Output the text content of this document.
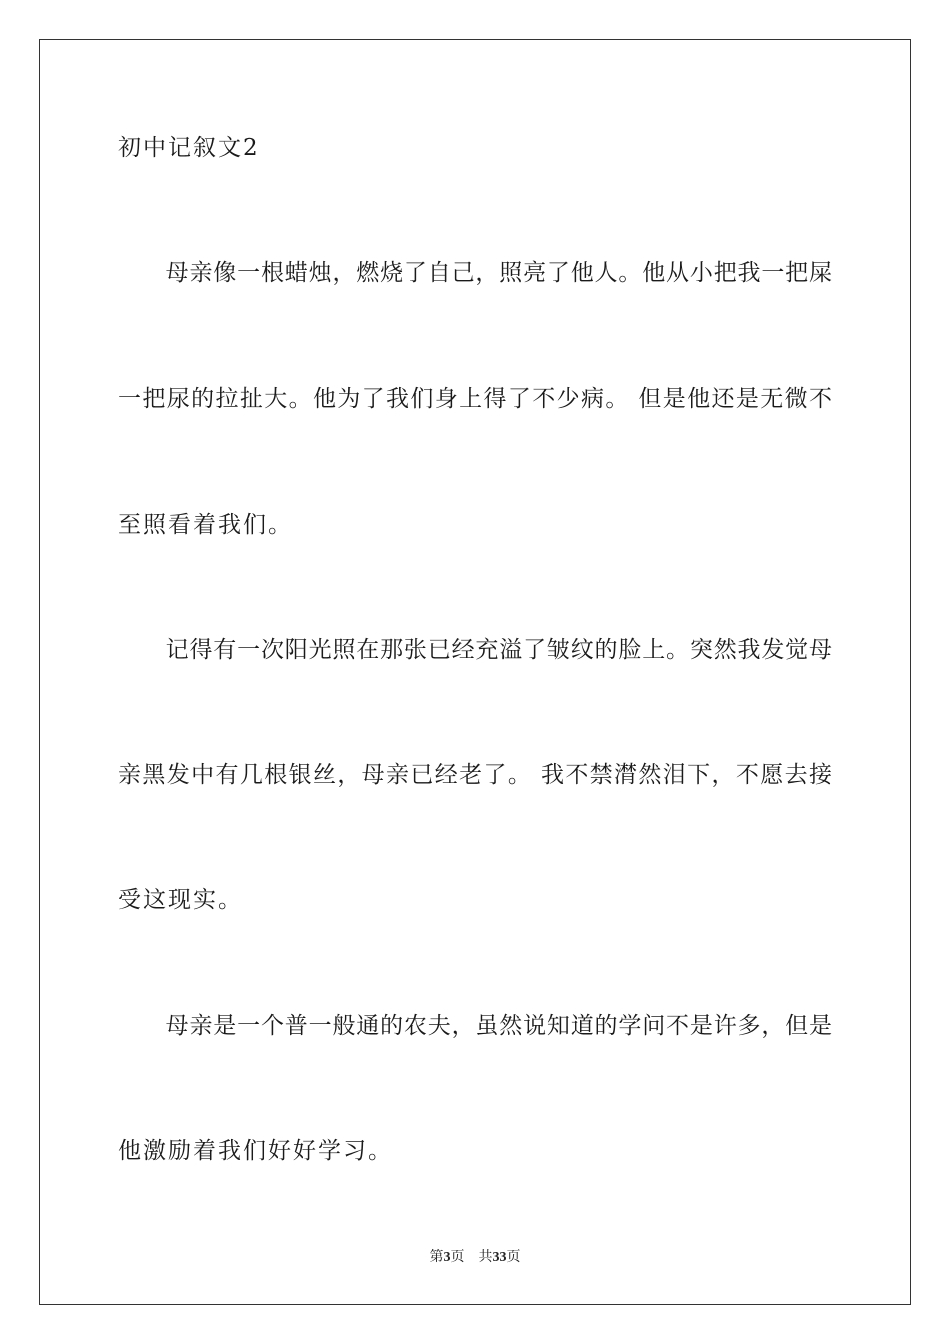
初中记叙文2
　　母亲像一根蜡烛，燃烧了自己，照亮了他人。他从小把我一把屎
一把尿的拉扯大。他为了我们身上得了不少病。 但是他还是无微不
至照看着我们。
　　记得有一次阳光照在那张已经充溢了皱纹的脸上。突然我发觉母
亲黑发中有几根银丝，母亲已经老了。 我不禁潸然泪下，不愿去接
受这现实。
　　母亲是一个普一般通的农夫，虽然说知道的学问不是许多，但是
他激励着我们好好学习。
第3页 共33页
